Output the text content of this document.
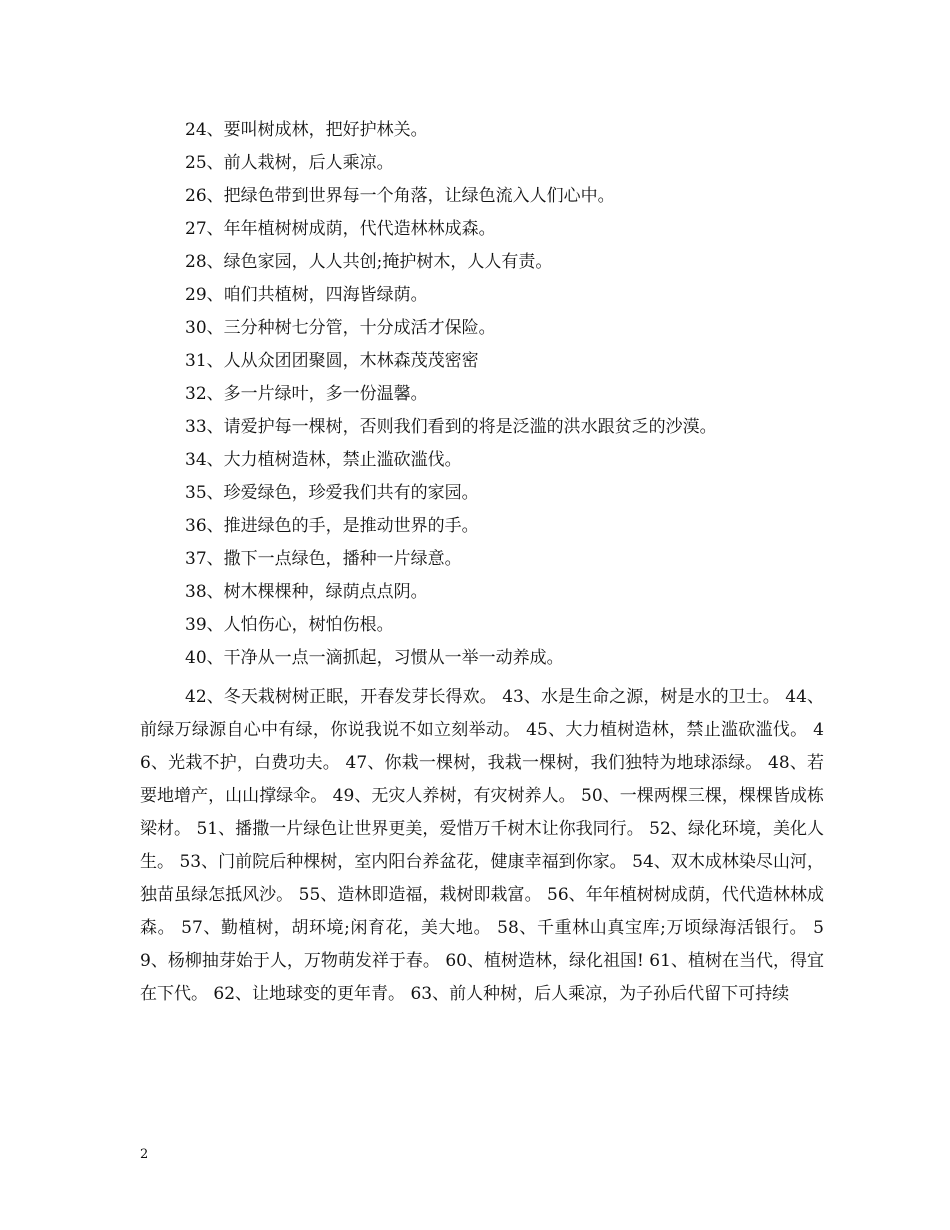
24、要叫树成林，把好护林关。
25、前人栽树，后人乘凉。
26、把绿色带到世界每一个角落，让绿色流入人们心中。
27、年年植树树成荫，代代造林林成森。
28、绿色家园，人人共创;掩护树木，人人有责。
29、咱们共植树，四海皆绿荫。
30、三分种树七分管，十分成活才保险。
31、人从众团团聚圆，木林森茂茂密密
32、多一片绿叶，多一份温馨。
33、请爱护每一棵树，否则我们看到的将是泛滥的洪水跟贫乏的沙漠。
34、大力植树造林，禁止滥砍滥伐。
35、珍爱绿色，珍爱我们共有的家园。
36、推进绿色的手，是推动世界的手。
37、撒下一点绿色，播种一片绿意。
38、树木棵棵种，绿荫点点阴。
39、人怕伤心，树怕伤根。
40、干净从一点一滴抓起，习惯从一举一动养成。

42、冬天栽树树正眠，开春发芽长得欢。 43、水是生命之源，树是水的卫士。 44、前绿万绿源自心中有绿，你说我说不如立刻举动。 45、大力植树造林，禁止滥砍滥伐。 46、光栽不护，白费功夫。 47、你栽一棵树，我栽一棵树，我们独特为地球添绿。 48、若要地增产，山山撑绿伞。 49、无灾人养树，有灾树养人。 50、一棵两棵三棵，棵棵皆成栋梁材。 51、播撒一片绿色让世界更美，爱惜万千树木让你我同行。 52、绿化环境，美化人生。 53、门前院后种棵树，室内阳台养盆花，健康幸福到你家。 54、双木成林染尽山河，独苗虽绿怎抵风沙。 55、造林即造福，栽树即栽富。 56、年年植树树成荫，代代造林林成森。 57、勤植树，胡环境;闲育花，美大地。 58、千重林山真宝库;万顷绿海活银行。 59、杨柳抽芽始于人，万物萌发祥于春。 60、植树造林，绿化祖国! 61、植树在当代，得宜在下代。 62、让地球变的更年青。 63、前人种树，后人乘凉，为子孙后代留下可持续

2
